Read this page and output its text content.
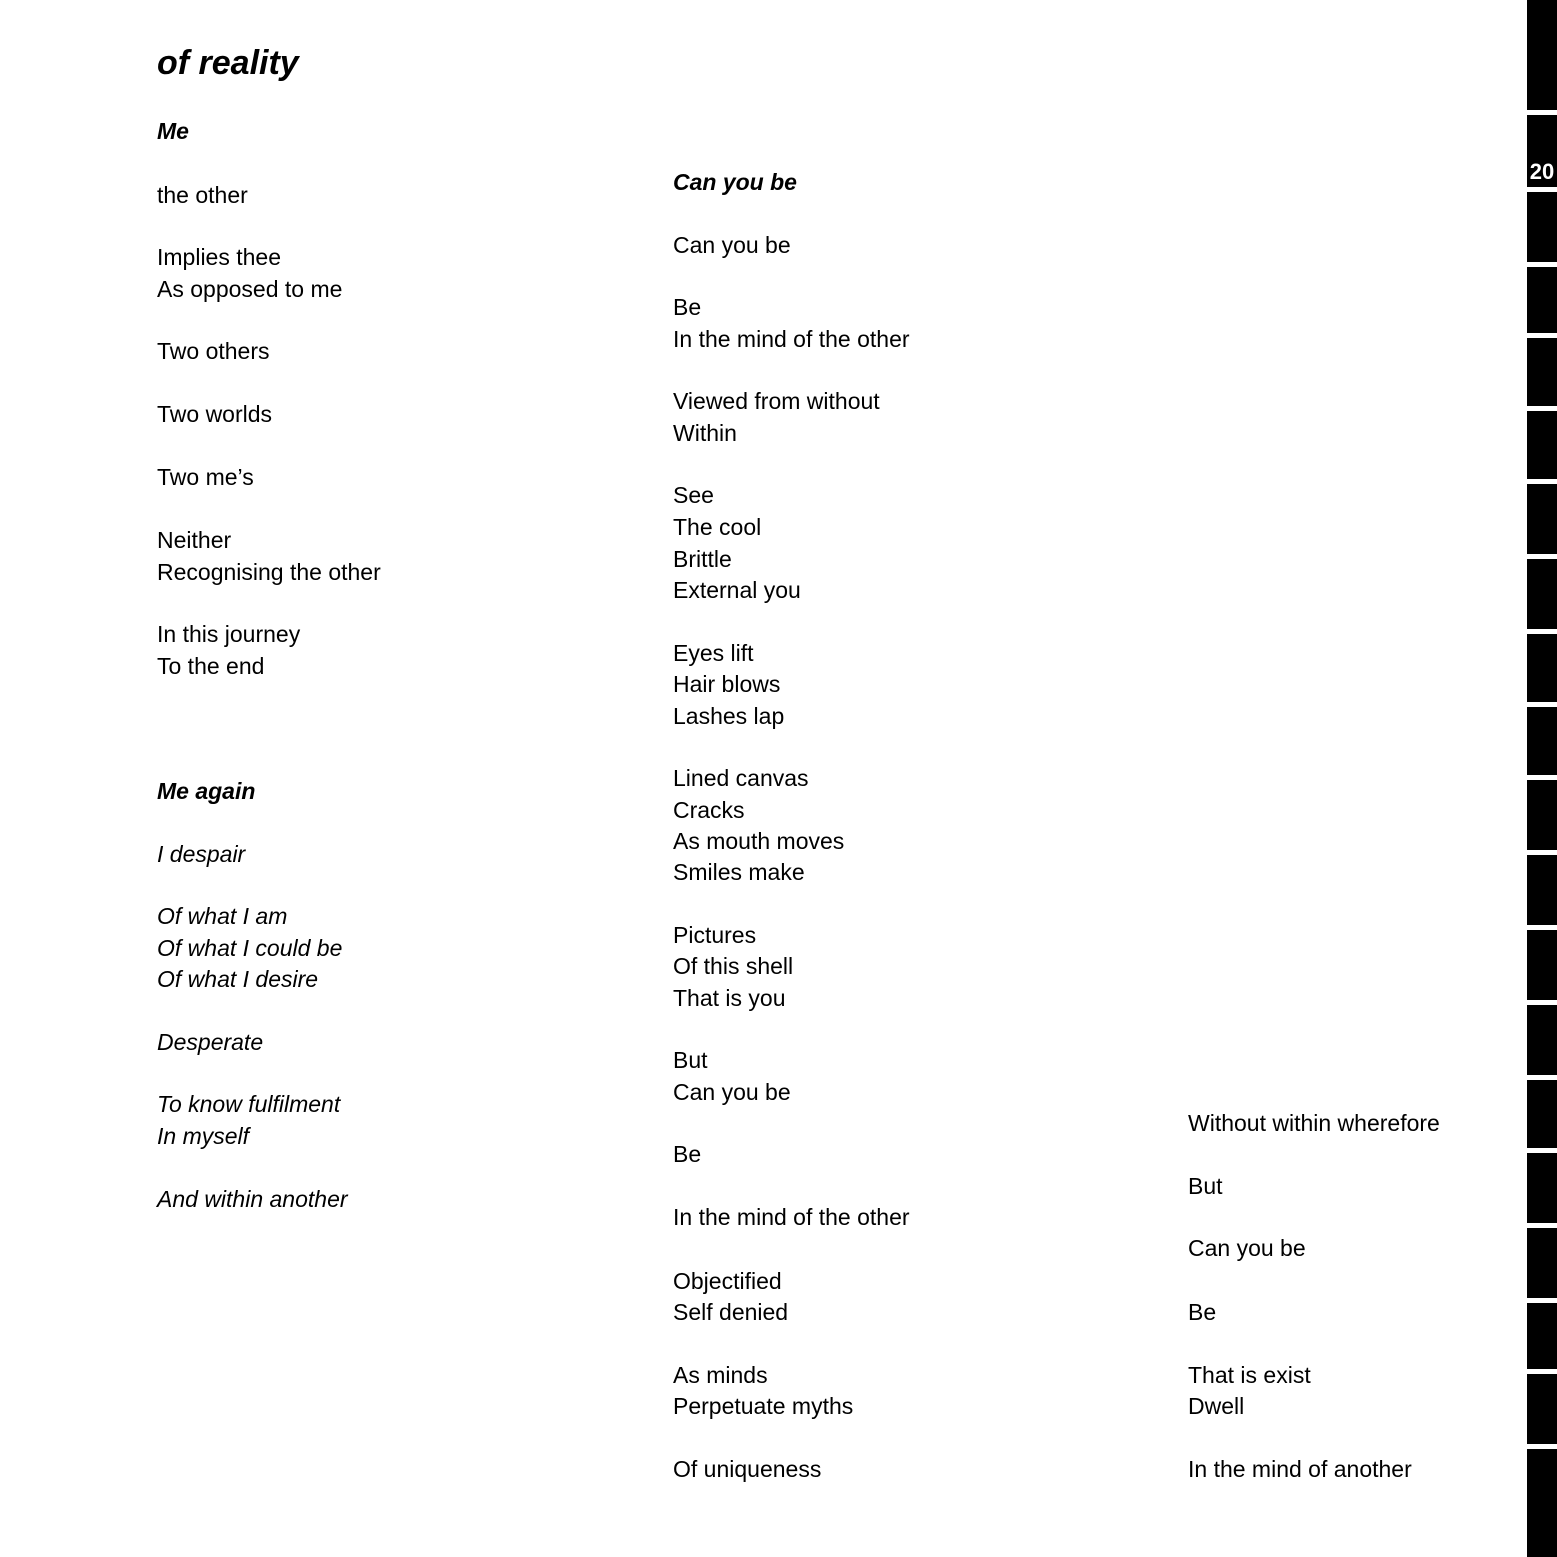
of reality
Me
the other
Implies thee
As opposed to me
Two others
Two worlds
Two me’s
Neither
Recognising the other
In this journey
To the end
Me again
I despair
Of what I am
Of what I could be
Of what I desire
Desperate
To know fulfilment
In myself
And within another
Can you be
Can you be
Be
In the mind of the other
Viewed from without
Within
See
The cool
Brittle
External you
Eyes lift
Hair blows
Lashes lap
Lined canvas
Cracks
As mouth moves
Smiles make
Pictures
Of this shell
That is you
But
Can you be
Be
In the mind of the other
Objectified
Self denied
As minds
Perpetuate myths
Of uniqueness
Without within wherefore
But
Can you be
Be
That is exist
Dwell
In the mind of another
20
